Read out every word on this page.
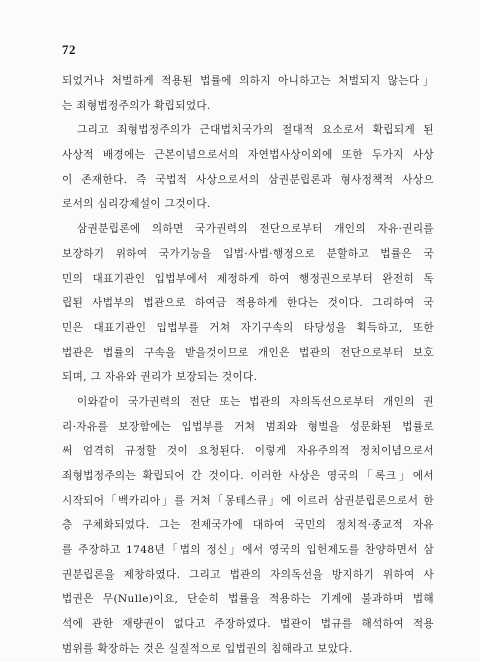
72
되었거나 처벌하게 적용된 법률에 의하지 아니하고는 처벌되지 않는다」
는 죄형법정주의가 확립되었다.
그리고 죄형법정주의가 근대법치국가의 절대적 요소로서 확립되게 된
사상적 배경에는 근본이념으로서의 자연법사상이외에 또한 두가지 사상
이 존재한다. 즉 국법적 사상으로서의 삼권분립론과 형사정책적 사상으
로서의 심리강제설이 그것이다.
삼권분립론에 의하면 국가권력의 전단으로부터 개인의 자유·권리를
보장하기 위하여 국가기능을 입법·사법·행정으로 분할하고 법률은 국
민의 대표기관인 입법부에서 제정하게 하여 행정권으로부터 완전히 독
립된 사법부의 법관으로 하여금 적용하게 한다는 것이다. 그리하여 국
민은 대표기관인 입법부를 거쳐 자기구속의 타당성을 획득하고, 또한
법관은 법률의 구속을 받을것이므로 개인은 법관의 전단으로부터 보호
되며, 그 자유와 권리가 보장되는 것이다.
이와같이 국가권력의 전단 또는 법관의 자의독선으로부터 개인의 권
리·자유를 보장함에는 입법부를 거쳐 범죄와 형벌을 성문화된 법률로
써 엄격히 규정할 것이 요청된다. 이렇게 자유주의적 정치이념으로서
죄형법정주의는 확립되어 간 것이다. 이러한 사상은 영국의「록크」에서
시작되어「벡카리아」를 거쳐「몽테스큐」에 이르러 삼권분립론으로서 한
층 구체화되었다. 그는 전제국가에 대하여 국민의 정치적·종교적 자유
를 주장하고 1748년「법의 정신」에서 영국의 입헌제도를 찬양하면서 삼
권분립론을 제창하였다. 그리고 법관의 자의독선을 방지하기 위하여 사
법권은 무(Nulle)이요, 단순히 법률을 적용하는 기계에 불과하며 법해
석에 관한 재량권이 없다고 주장하였다. 법관이 법규를 해석하여 적용
범위를 확장하는 것은 실질적으로 입법권의 침해라고 보았다.
